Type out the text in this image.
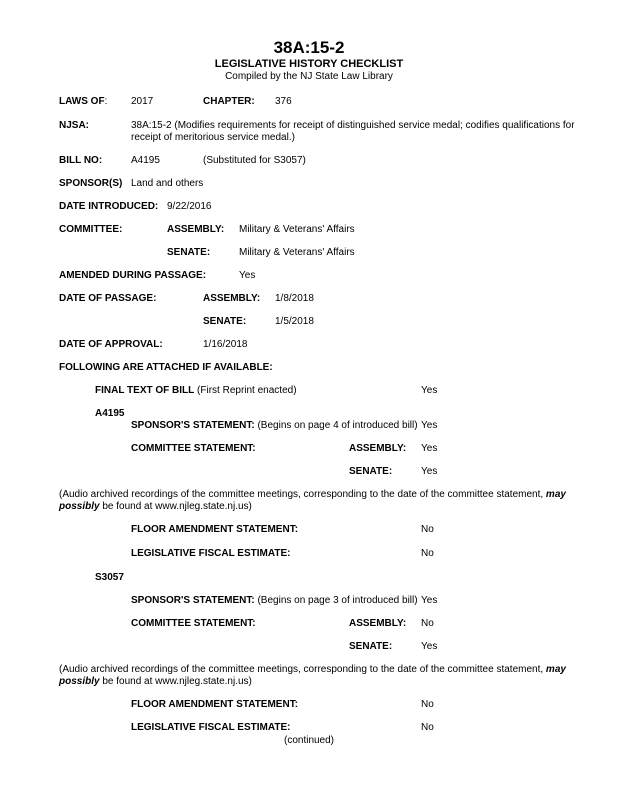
38A:15-2
LEGISLATIVE HISTORY CHECKLIST
Compiled by the NJ State Law Library
LAWS OF: 2017	CHAPTER: 376
NJSA:	38A:15-2 (Modifies requirements for receipt of distinguished service medal; codifies qualifications for receipt of meritorious service medal.)
BILL NO:	A4195	(Substituted for S3057)
SPONSOR(S) Land and others
DATE INTRODUCED: 9/22/2016
COMMITTEE:	ASSEMBLY: Military & Veterans' Affairs
SENATE:	Military & Veterans' Affairs
AMENDED DURING PASSAGE:	Yes
DATE OF PASSAGE:	ASSEMBLY: 1/8/2018
SENATE:	1/5/2018
DATE OF APPROVAL:	1/16/2018
FOLLOWING ARE ATTACHED IF AVAILABLE:
FINAL TEXT OF BILL (First Reprint enacted)	Yes
A4195
SPONSOR'S STATEMENT: (Begins on page 4 of introduced bill) Yes
COMMITTEE STATEMENT:	ASSEMBLY: Yes
SENATE:	Yes
(Audio archived recordings of the committee meetings, corresponding to the date of the committee statement, may possibly be found at www.njleg.state.nj.us)
FLOOR AMENDMENT STATEMENT:	No
LEGISLATIVE FISCAL ESTIMATE:	No
S3057
SPONSOR'S STATEMENT: (Begins on page 3 of introduced bill) Yes
COMMITTEE STATEMENT:	ASSEMBLY: No
SENATE:	Yes
(Audio archived recordings of the committee meetings, corresponding to the date of the committee statement, may possibly be found at www.njleg.state.nj.us)
FLOOR AMENDMENT STATEMENT:	No
LEGISLATIVE FISCAL ESTIMATE:	No
(continued)
